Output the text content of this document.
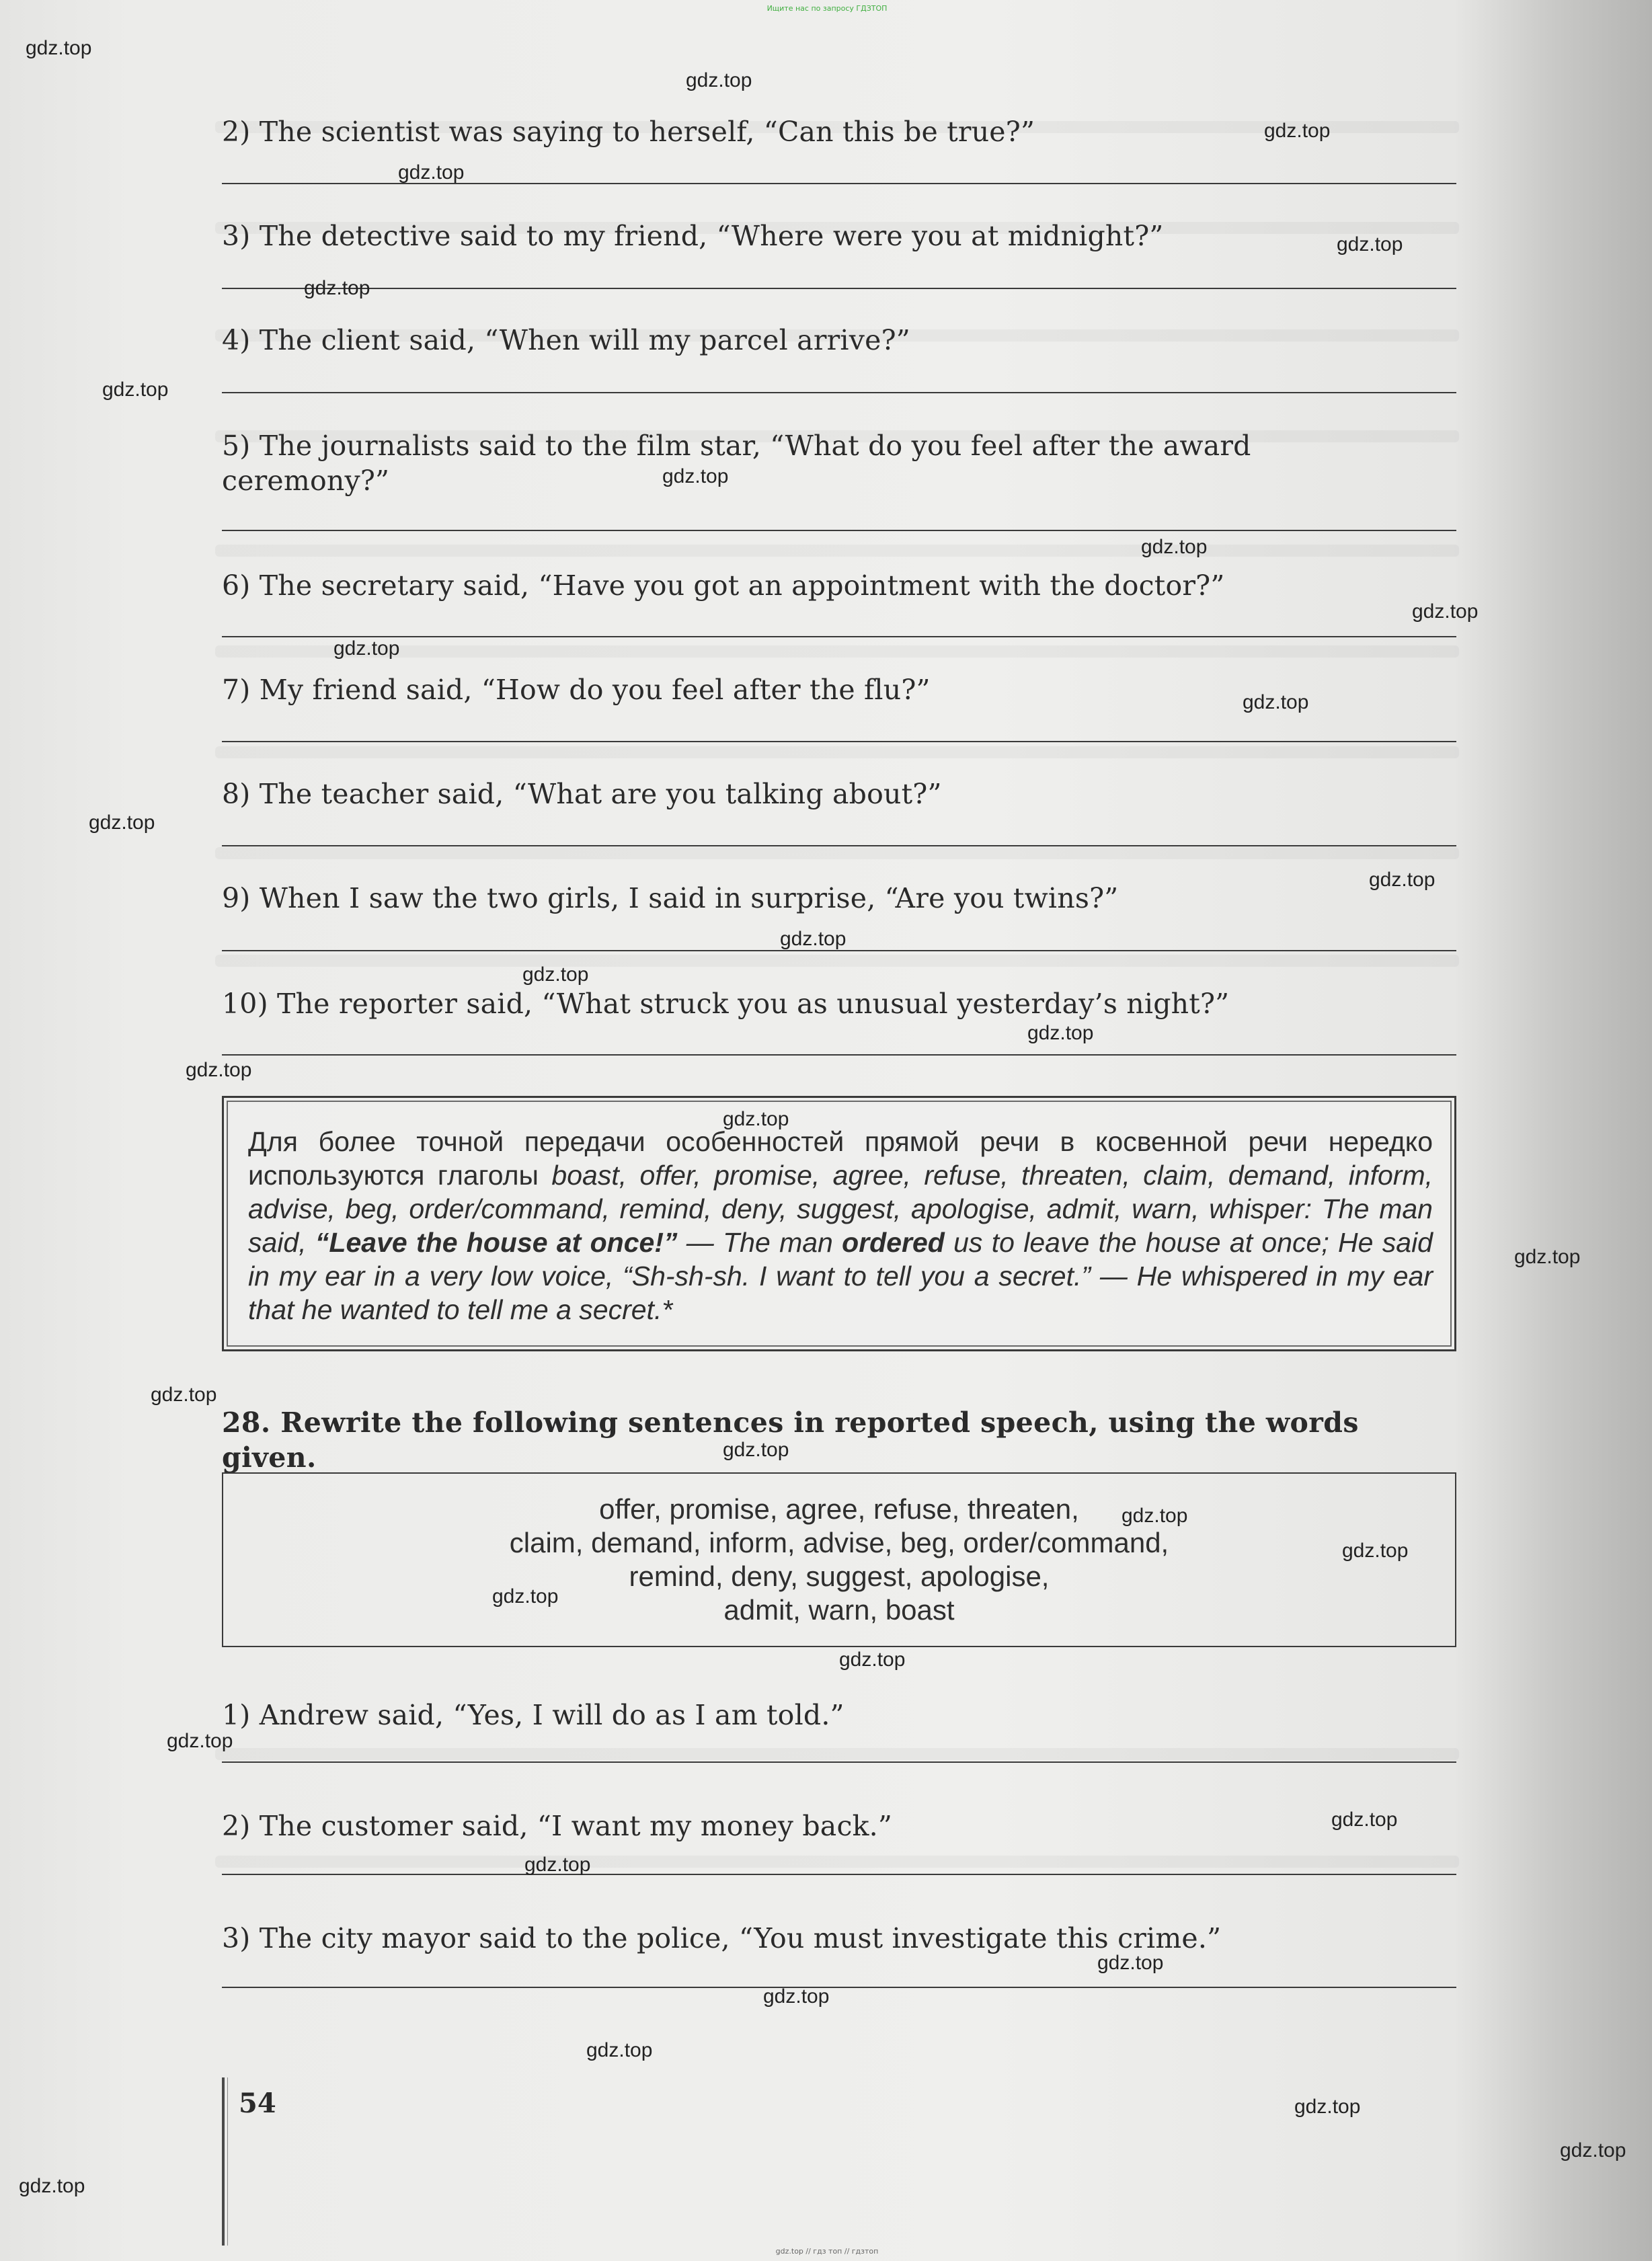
Ищите нас по запросу ГДЗТОП
2) The scientist was saying to herself, “Can this be true?”
3) The detective said to my friend, “Where were you at midnight?”
4) The client said, “When will my parcel arrive?”
5) The journalists said to the film star, “What do you feel after the award
ceremony?”
6) The secretary said, “Have you got an appointment with the doctor?”
7) My friend said, “How do you feel after the flu?”
8) The teacher said, “What are you talking about?”
9) When I saw the two girls, I said in surprise, “Are you twins?”
10) The reporter said, “What struck you as unusual yesterday’s night?”
Для более точной передачи особенностей прямой речи в косвенной речи нередко используются глаголы boast, offer, promise, agree, refuse, threaten, claim, demand, inform, advise, beg, order/command, remind, deny, suggest, apologise, admit, warn, whisper: The man said, “Leave the house at once!” — The man ordered us to leave the house at once; He said in my ear in a very low voice, “Sh-sh-sh. I want to tell you a secret.” — He whispered in my ear that he wanted to tell me a secret.*
28. Rewrite the following sentences in reported speech, using the words given.
offer, promise, agree, refuse, threaten,
claim, demand, inform, advise, beg, order/command,
remind, deny, suggest, apologise,
admit, warn, boast
1) Andrew said, “Yes, I will do as I am told.”
2) The customer said, “I want my money back.”
3) The city mayor said to the police, “You must investigate this crime.”
54
gdz.top // гдз топ // гдзтоп
gdz.top
gdz.top
gdz.top
gdz.top
gdz.top
gdz.top
gdz.top
gdz.top
gdz.top
gdz.top
gdz.top
gdz.top
gdz.top
gdz.top
gdz.top
gdz.top
gdz.top
gdz.top
gdz.top
gdz.top
gdz.top
gdz.top
gdz.top
gdz.top
gdz.top
gdz.top
gdz.top
gdz.top
gdz.top
gdz.top
gdz.top
gdz.top
gdz.top
gdz.top
gdz.top
